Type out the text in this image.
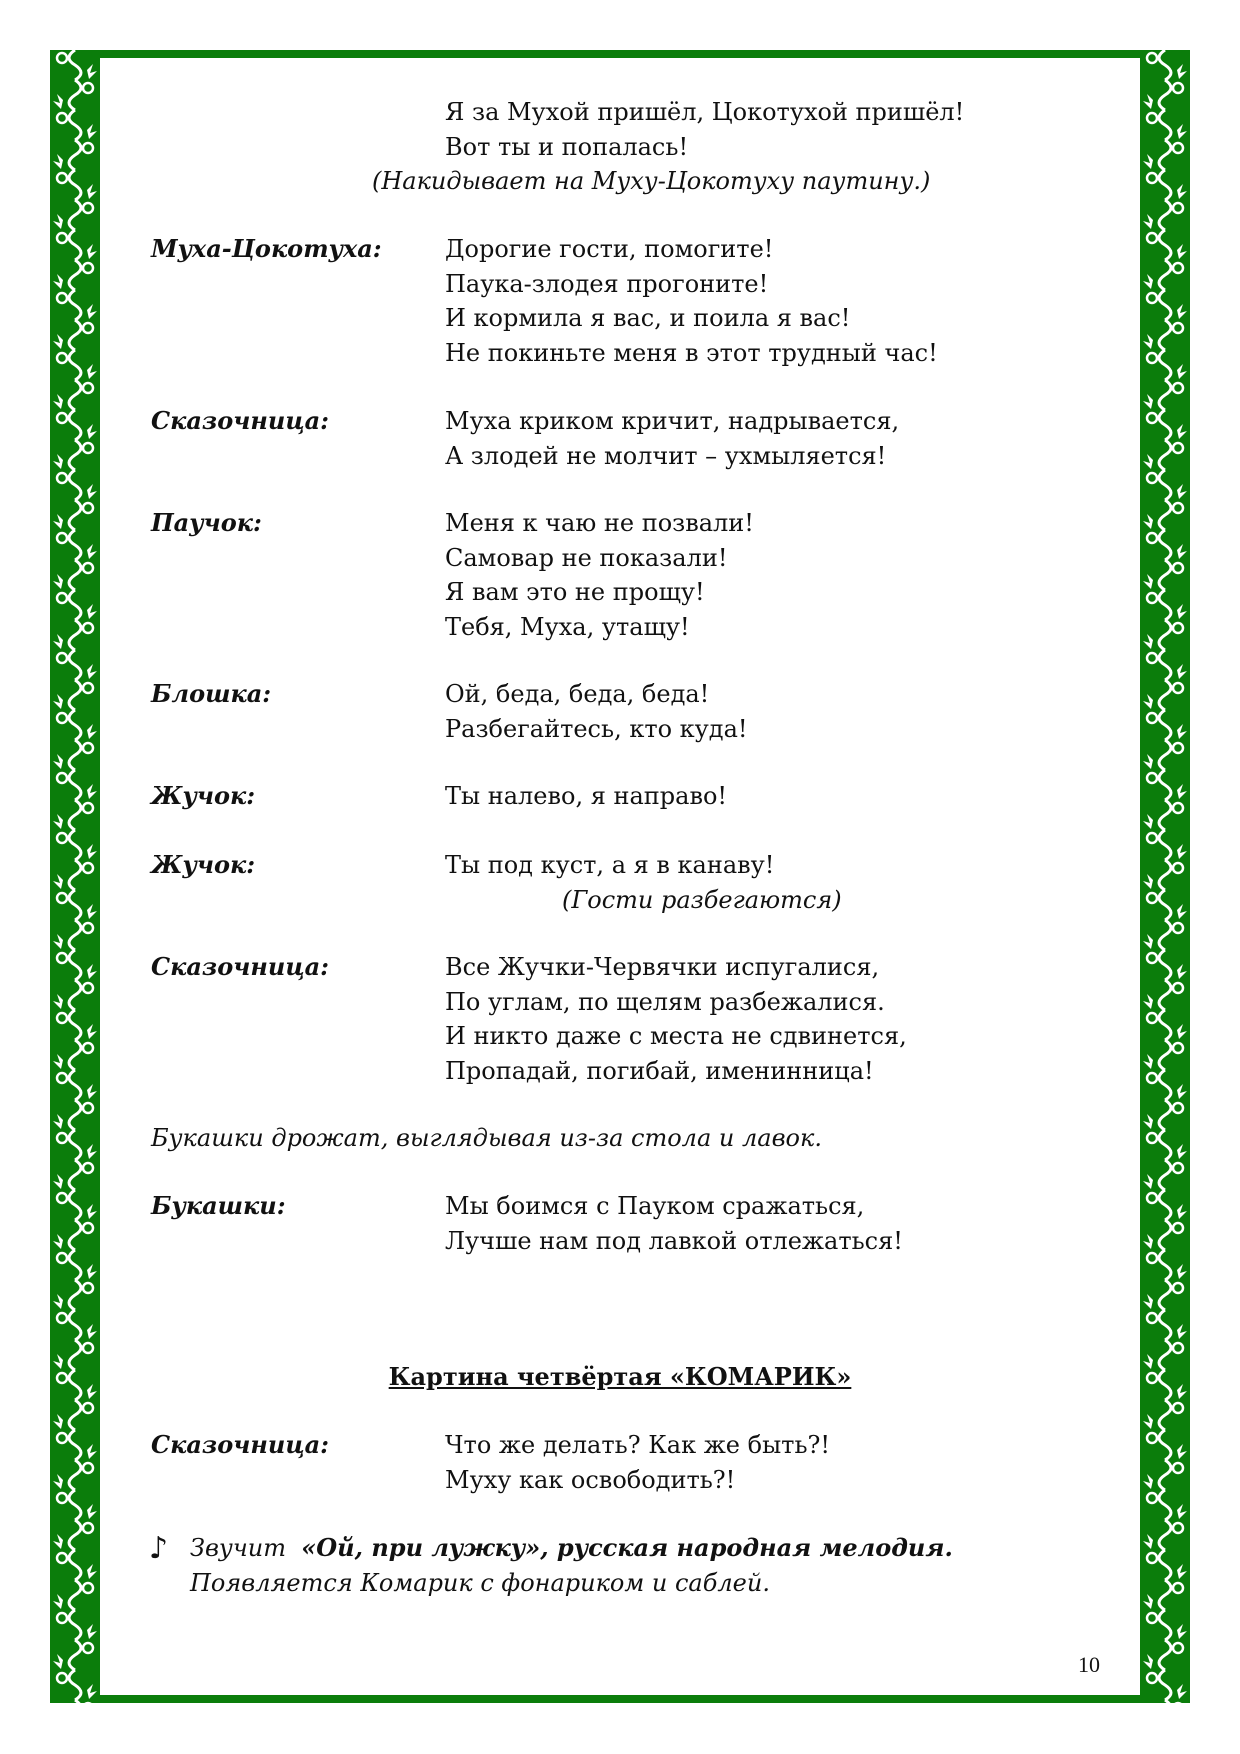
Я за Мухой пришёл, Цокотухой пришёл!
Вот ты и попалась!
(Накидывает на Муху-Цокотуху паутину.)
Муха-Цокотуха:	Дорогие гости, помогите!
Паука-злодея прогоните!
И кормила я вас, и поила я вас!
Не покиньте меня в этот трудный час!
Сказочница:	Муха криком кричит, надрывается,
А злодей не молчит – ухмыляется!
Паучок:	Меня к чаю не позвали!
Самовар не показали!
Я вам это не прощу!
Тебя, Муха, утащу!
Блошка:	Ой, беда, беда, беда!
Разбегайтесь, кто куда!
Жучок:	Ты налево, я направо!
Жучок:	Ты под куст, а я в канаву!
(Гости разбегаются)
Сказочница:	Все Жучки-Червячки испугалися,
По углам, по щелям разбежалися.
И никто даже с места не сдвинется,
Пропадай, погибай, именинница!
Букашки дрожат, выглядывая из-за стола и лавок.
Букашки:	Мы боимся с Пауком сражаться,
Лучше нам под лавкой отлежаться!
Картина четвёртая «КОМАРИК»
Сказочница:	Что же делать? Как же быть?!
Муху как освободить?!
♪ Звучит «Ой, при лужку», русская народная мелодия.
Появляется Комарик с фонариком и саблей.
10
